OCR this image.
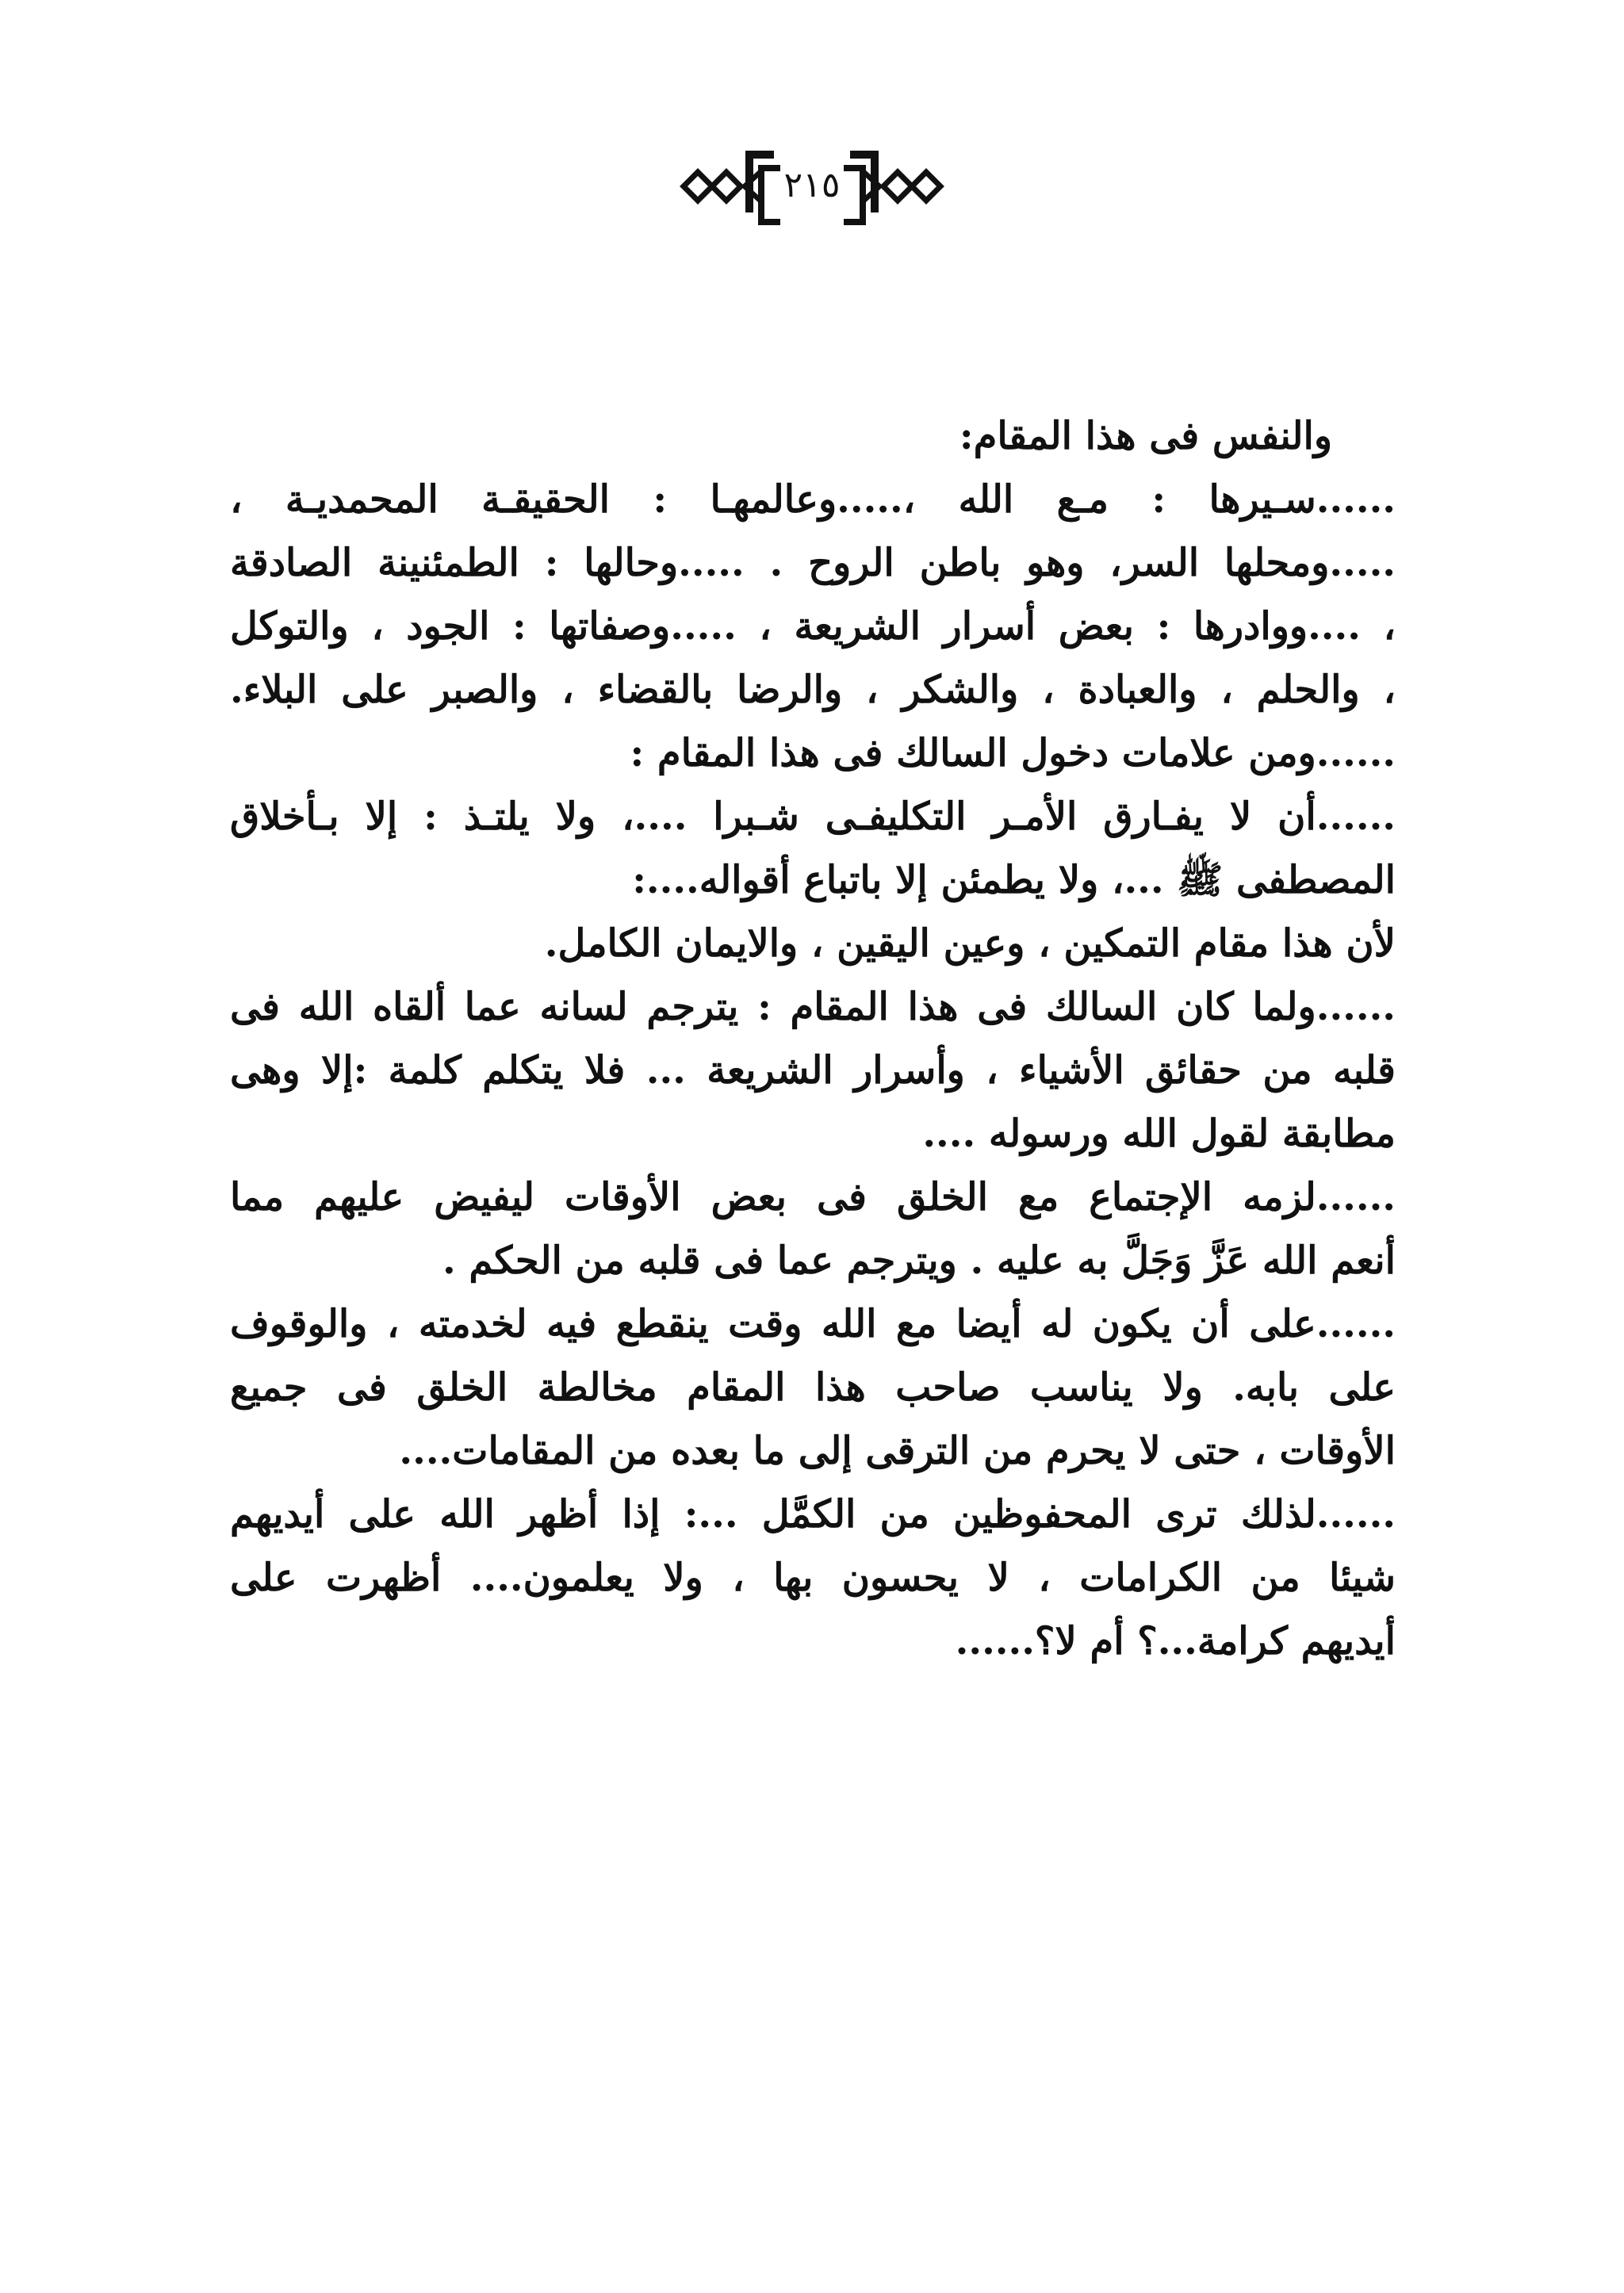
٢١٥
والنفس فى هذا المقام:
......سـيرها : مـع الله ،.....وعالمهـا : الحقيقـة المحمديـة ،
.....ومحلها السر، وهو باطن الروح . .....وحالها : الطمئنينة الصادقة
، ....ووادرها : بعض أسرار الشريعة ، .....وصفاتها : الجود ، والتوكل
، والحلم ، والعبادة ، والشكر ، والرضا بالقضاء ، والصبر على البلاء.
......ومن علامات دخول السالك فى هذا المقام :
......أن لا يفـارق الأمـر التكليفـى شـبرا ....، ولا يلتـذ : إلا بـأخلاق
المصطفى ﷺ ...، ولا يطمئن إلا باتباع أقواله....:
لأن هذا مقام التمكين ، وعين اليقين ، والايمان الكامل.
......ولما كان السالك فى هذا المقام : يترجم لسانه عما ألقاه الله فى
قلبه من حقائق الأشياء ، وأسرار الشريعة ... فلا يتكلم كلمة :إلا وهى
مطابقة لقول الله ورسوله ....
......لزمه الإجتماع مع الخلق فى بعض الأوقات ليفيض عليهم مما
أنعم الله عَزَّ وَجَلَّ به عليه . ويترجم عما فى قلبه من الحكم .
......على أن يكون له أيضا مع الله وقت ينقطع فيه لخدمته ، والوقوف
على بابه. ولا يناسب صاحب هذا المقام مخالطة الخلق فى جميع
الأوقات ، حتى لا يحرم من الترقى إلى ما بعده من المقامات....
......لذلك ترى المحفوظين من الكمَّل ...: إذا أظهر الله على أيديهم
شيئا من الكرامات ، لا يحسون بها ، ولا يعلمون.... أظهرت على
أيديهم كرامة...؟ أم لا؟......
